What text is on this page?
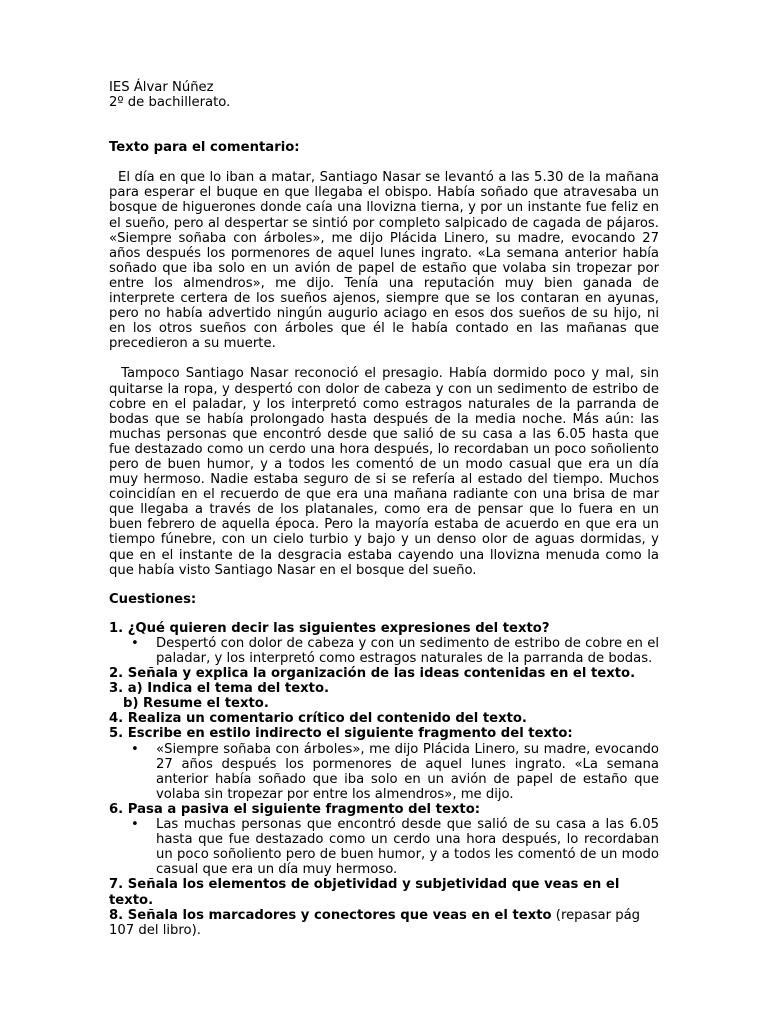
IES Álvar Núñez

2º de bachillerato.

Texto para el comentario:

El día en que lo iban a matar, Santiago Nasar se levantó a las 5.30 de la mañana para esperar el buque en que llegaba el obispo. Había soñado que atravesaba un bosque de higuerones donde caía una llovizna tierna, y por un instante fue feliz en el sueño, pero al despertar se sintió por completo salpicado de cagada de pájaros. «Siempre soñaba con árboles», me dijo Plácida Linero, su madre, evocando 27 años después los pormenores de aquel lunes ingrato. «La semana anterior había soñado que iba solo en un avión de papel de estaño que volaba sin tropezar por entre los almendros», me dijo. Tenía una reputación muy bien ganada de interprete certera de los sueños ajenos, siempre que se los contaran en ayunas, pero no había advertido ningún augurio aciago en esos dos sueños de su hijo, ni en los otros sueños con árboles que él le había contado en las mañanas que precedieron a su muerte.

Tampoco Santiago Nasar reconoció el presagio. Había dormido poco y mal, sin quitarse la ropa, y despertó con dolor de cabeza y con un sedimento de estribo de cobre en el paladar, y los interpretó como estragos naturales de la parranda de bodas que se había prolongado hasta después de la media noche. Más aún: las muchas personas que encontró desde que salió de su casa a las 6.05 hasta que fue destazado como un cerdo una hora después, lo recordaban un poco soñoliento pero de buen humor, y a todos les comentó de un modo casual que era un día muy hermoso. Nadie estaba seguro de si se refería al estado del tiempo. Muchos coincidían en el recuerdo de que era una mañana radiante con una brisa de mar que llegaba a través de los platanales, como era de pensar que lo fuera en un buen febrero de aquella época. Pero la mayoría estaba de acuerdo en que era un tiempo fúnebre, con un cielo turbio y bajo y un denso olor de aguas dormidas, y que en el instante de la desgracia estaba cayendo una llovizna menuda como la que había visto Santiago Nasar en el bosque del sueño.

Cuestiones:

1. ¿Qué quieren decir las siguientes expresiones del texto?

• Despertó con dolor de cabeza y con un sedimento de estribo de cobre en el paladar, y los interpretó como estragos naturales de la parranda de bodas.

2. Señala y explica la organización de las ideas contenidas en el texto.

3. a) Indica el tema del texto.

b) Resume el texto.

4. Realiza un comentario crítico del contenido del texto.

5. Escribe en estilo indirecto el siguiente fragmento del texto:

• «Siempre soñaba con árboles», me dijo Plácida Linero, su madre, evocando 27 años después los pormenores de aquel lunes ingrato. «La semana anterior había soñado que iba solo en un avión de papel de estaño que volaba sin tropezar por entre los almendros», me dijo.

6. Pasa a pasiva el siguiente fragmento del texto:

• Las muchas personas que encontró desde que salió de su casa a las 6.05 hasta que fue destazado como un cerdo una hora después, lo recordaban un poco soñoliento pero de buen humor, y a todos les comentó de un modo casual que era un día muy hermoso.

7. Señala los elementos de objetividad y subjetividad que veas en el texto.

8. Señala los marcadores y conectores que veas en el texto (repasar pág 107 del libro).
